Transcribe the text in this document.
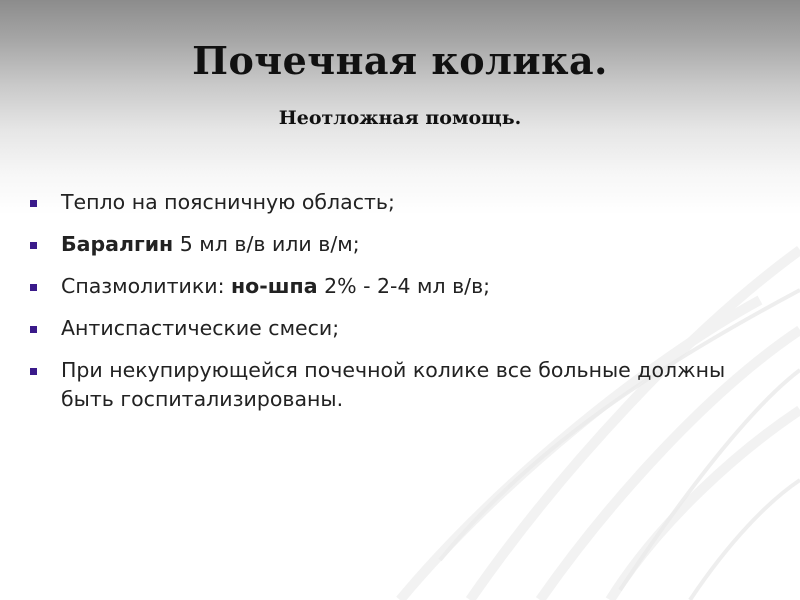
Почечная колика.
Неотложная помощь.
Тепло на поясничную область;
Баралгин 5 мл в/в или в/м;
Спазмолитики: но-шпа 2% - 2-4 мл в/в;
Антиспастические смеси;
При некупирующейся почечной колике все больные должны быть госпитализированы.
